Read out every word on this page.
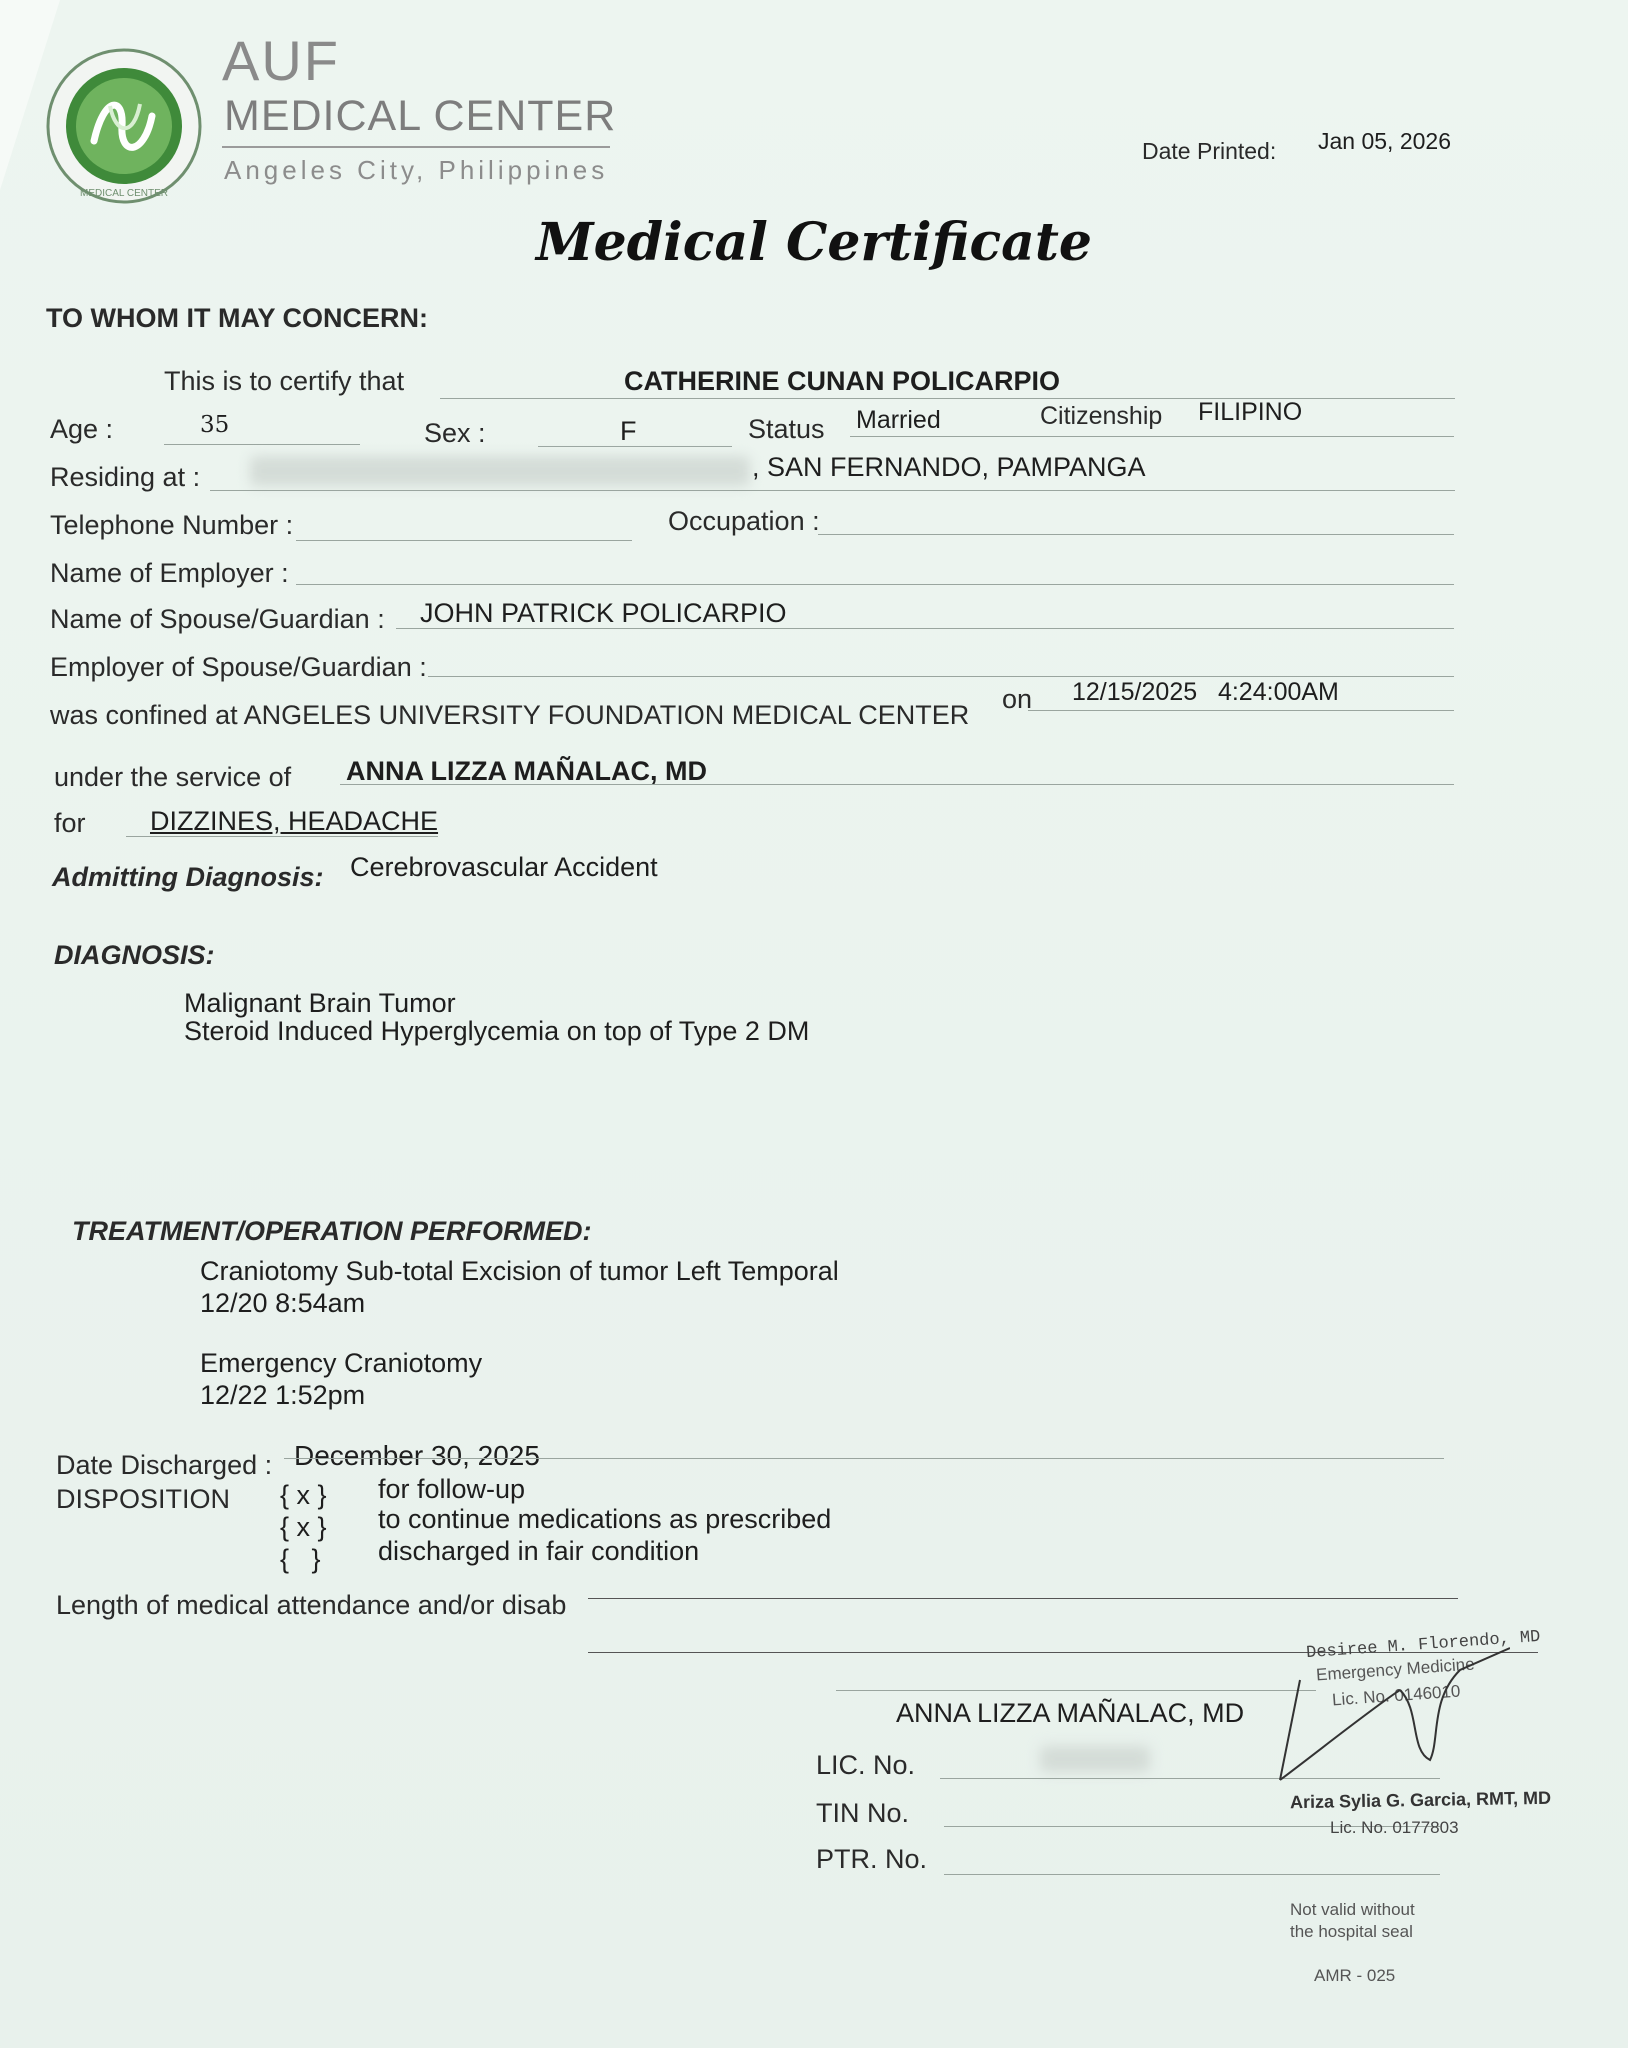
MEDICAL CENTER
AUF
MEDICAL CENTER
Angeles City, Philippines
Date Printed: Jan 05, 2026
Medical Certificate
TO WHOM IT MAY CONCERN:
This is to certify that	CATHERINE CUNAN POLICARPIO
Age :	35	Sex :	F	Status Married	Citizenship FILIPINO
Residing at :	, SAN FERNANDO, PAMPANGA
Telephone Number :	Occupation :
Name of Employer :
Name of Spouse/Guardian : JOHN PATRICK POLICARPIO
Employer of Spouse/Guardian :
was confined at ANGELES UNIVERSITY FOUNDATION MEDICAL CENTER
on 12/15/2025   4:24:00AM
under the service of ANNA LIZZA MAÑALAC, MD
for DIZZINES, HEADACHE
Admitting Diagnosis: Cerebrovascular Accident
DIAGNOSIS:
Malignant Brain Tumor
Steroid Induced Hyperglycemia on top of Type 2 DM
TREATMENT/OPERATION PERFORMED:
Craniotomy Sub-total Excision of tumor Left Temporal
12/20 8:54am
Emergency Craniotomy
12/22 1:52pm
Date Discharged : December 30, 2025
DISPOSITION { x } for follow-up
{ x } to continue medications as prescribed
{   } discharged in fair condition
Length of medical attendance and/or disab
ANNA LIZZA MAÑALAC, MD
LIC. No.
TIN No.
PTR. No.
Desiree M. Florendo, MD
Emergency Medicine
Lic. No. 0146010
Ariza Sylia G. Garcia, RMT, MD
Lic. No. 0177803
Not valid without
the hospital seal
AMR - 025
